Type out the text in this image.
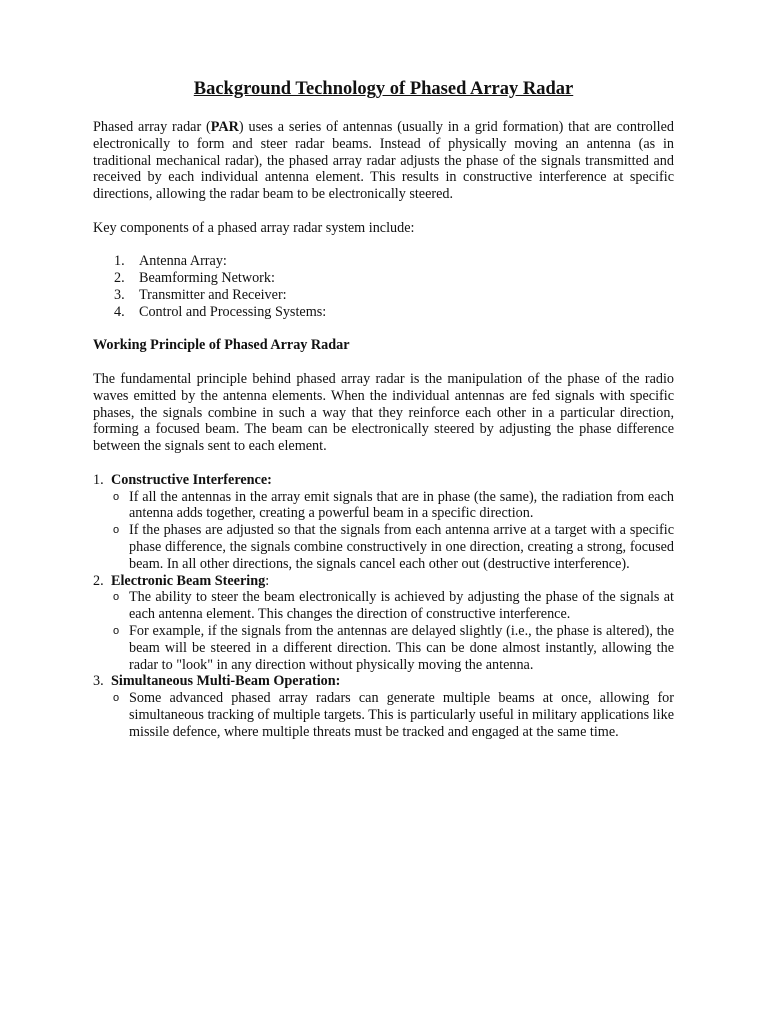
Background Technology of Phased Array Radar

Phased array radar (PAR) uses a series of antennas (usually in a grid formation) that are controlled electronically to form and steer radar beams. Instead of physically moving an antenna (as in traditional mechanical radar), the phased array radar adjusts the phase of the signals transmitted and received by each individual antenna element. This results in constructive interference at specific directions, allowing the radar beam to be electronically steered.

Key components of a phased array radar system include:

1. Antenna Array:
2. Beamforming Network:
3. Transmitter and Receiver:
4. Control and Processing Systems:

Working Principle of Phased Array Radar

The fundamental principle behind phased array radar is the manipulation of the phase of the radio waves emitted by the antenna elements. When the individual antennas are fed signals with specific phases, the signals combine in such a way that they reinforce each other in a particular direction, forming a focused beam. The beam can be electronically steered by adjusting the phase difference between the signals sent to each element.

1. Constructive Interference:
o If all the antennas in the array emit signals that are in phase (the same), the radiation from each antenna adds together, creating a powerful beam in a specific direction.
o If the phases are adjusted so that the signals from each antenna arrive at a target with a specific phase difference, the signals combine constructively in one direction, creating a strong, focused beam. In all other directions, the signals cancel each other out (destructive interference).
2. Electronic Beam Steering:
o The ability to steer the beam electronically is achieved by adjusting the phase of the signals at each antenna element. This changes the direction of constructive interference.
o For example, if the signals from the antennas are delayed slightly (i.e., the phase is altered), the beam will be steered in a different direction. This can be done almost instantly, allowing the radar to "look" in any direction without physically moving the antenna.
3. Simultaneous Multi-Beam Operation:
o Some advanced phased array radars can generate multiple beams at once, allowing for simultaneous tracking of multiple targets. This is particularly useful in military applications like missile defence, where multiple threats must be tracked and engaged at the same time.
